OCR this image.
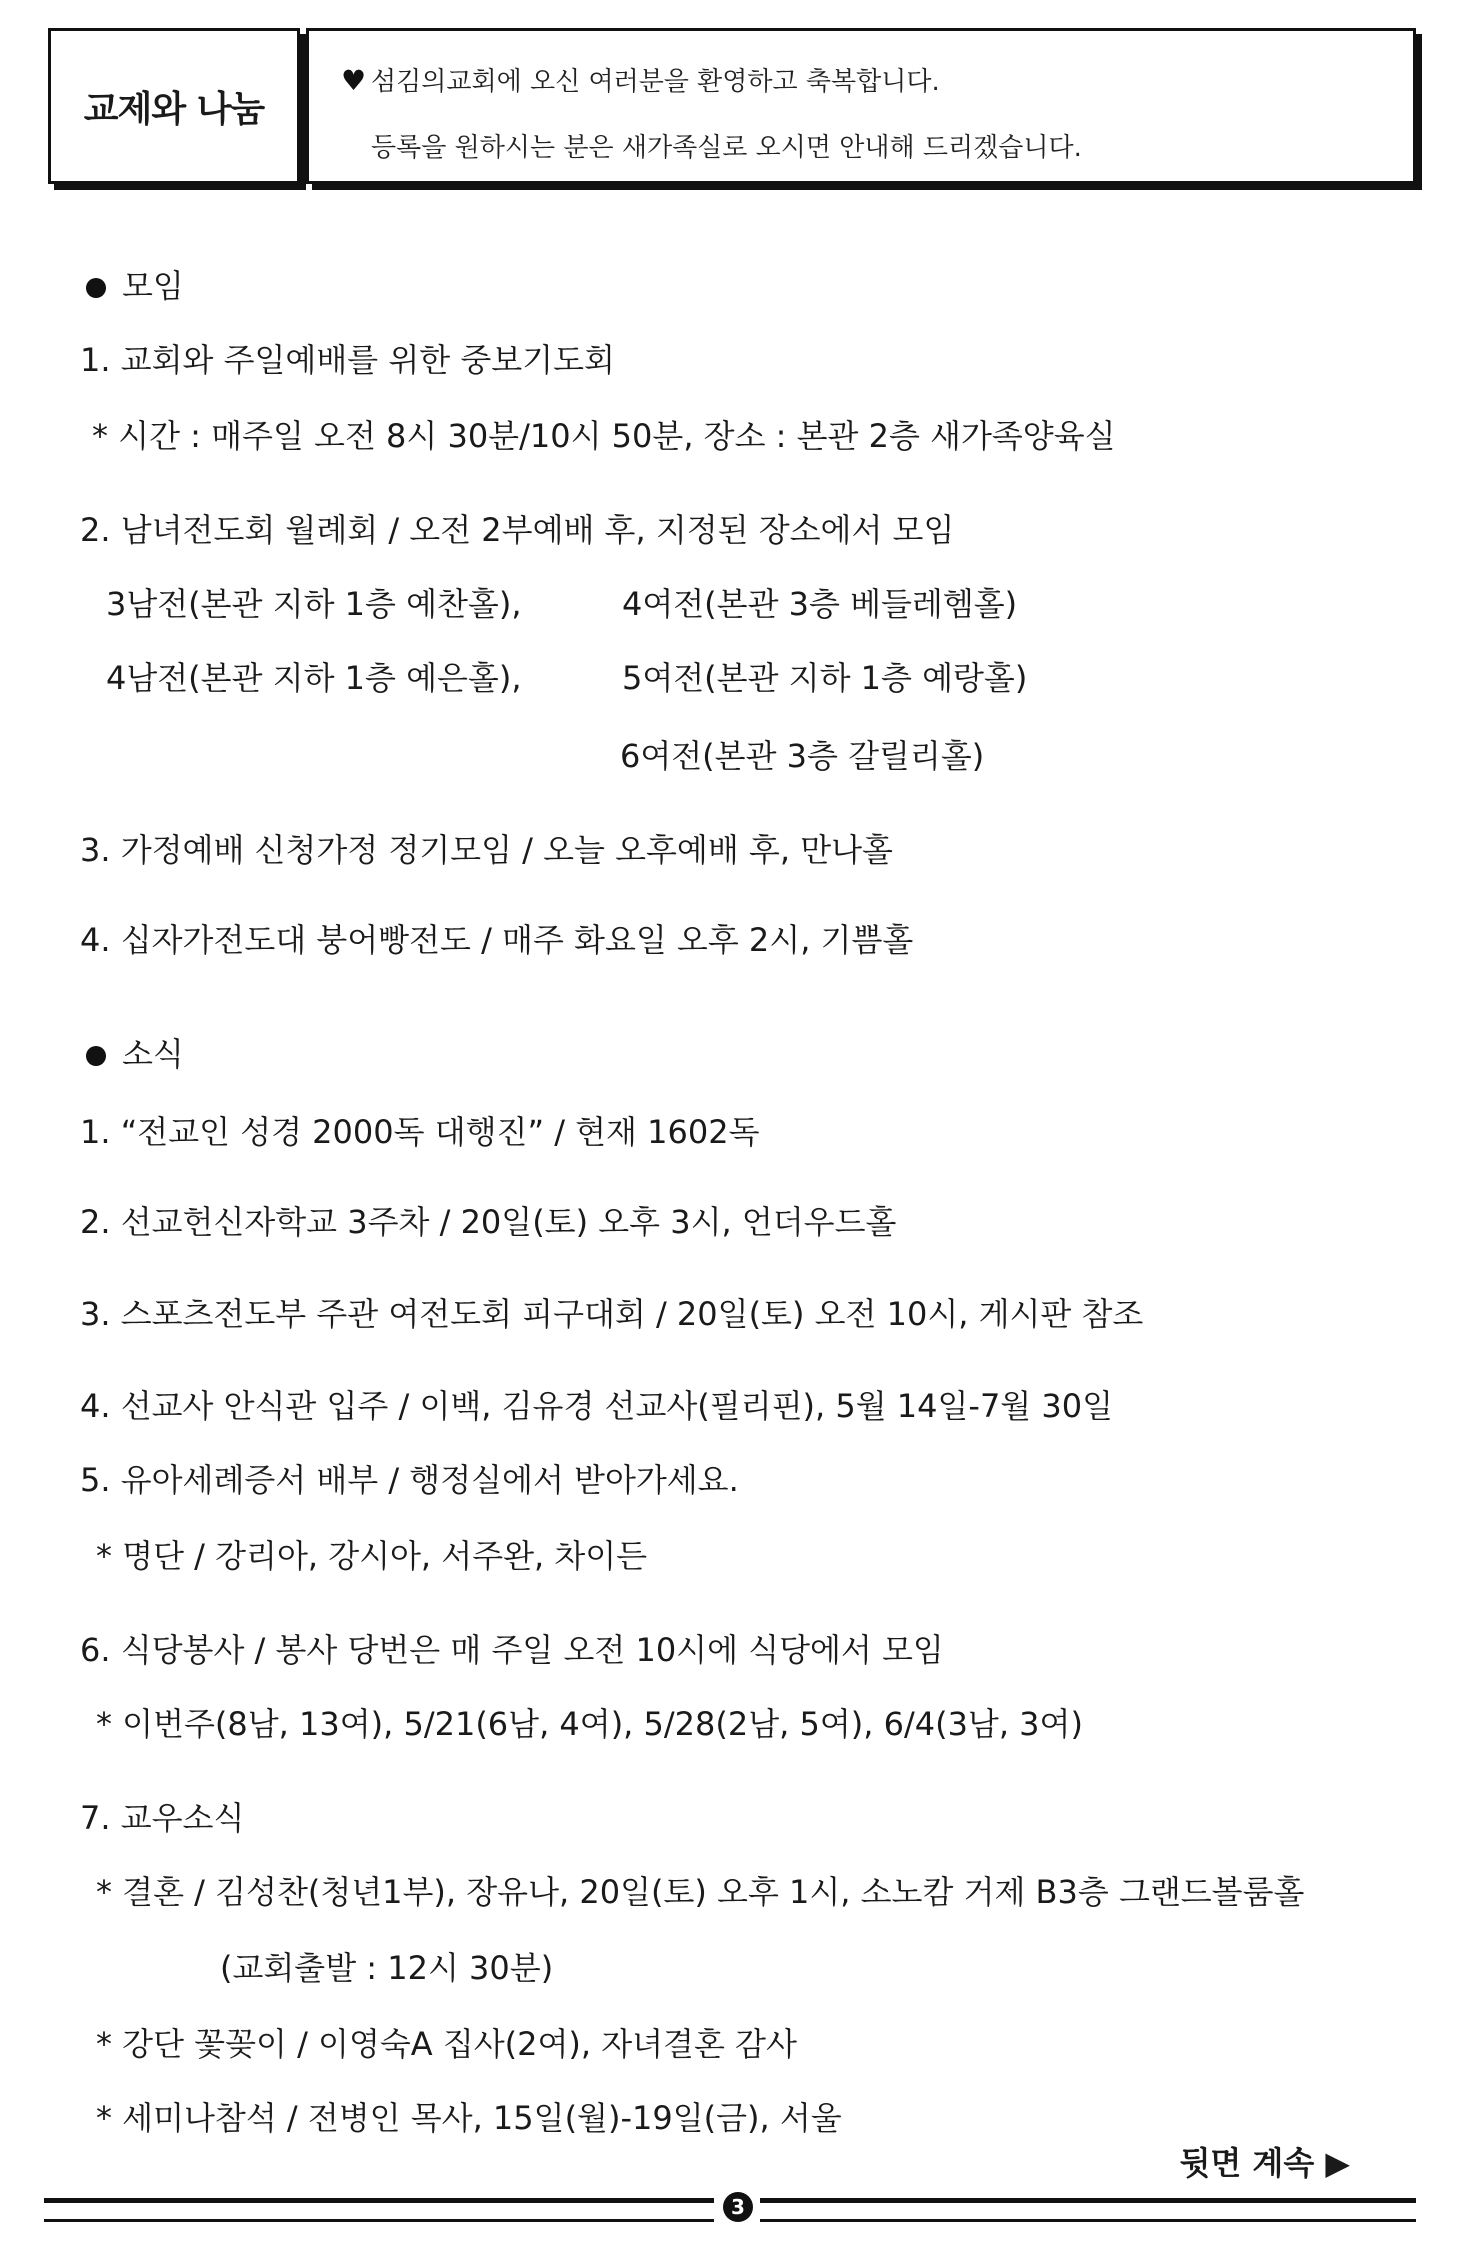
교제와 나눔
♥ 섬김의교회에 오신 여러분을 환영하고 축복합니다.
등록을 원하시는 분은 새가족실로 오시면 안내해 드리겠습니다.
모임
1. 교회와 주일예배를 위한 중보기도회
* 시간 : 매주일 오전 8시 30분/10시 50분, 장소 : 본관 2층 새가족양육실
2. 남녀전도회 월례회 / 오전 2부예배 후, 지정된 장소에서 모임
3남전(본관 지하 1층 예찬홀),	4여전(본관 3층 베들레헴홀)
4남전(본관 지하 1층 예은홀),	5여전(본관 지하 1층 예랑홀)
6여전(본관 3층 갈릴리홀)
3. 가정예배 신청가정 정기모임 / 오늘 오후예배 후, 만나홀
4. 십자가전도대 붕어빵전도 / 매주 화요일 오후 2시, 기쁨홀
소식
1. “전교인 성경 2000독 대행진” / 현재 1602독
2. 선교헌신자학교 3주차 / 20일(토) 오후 3시, 언더우드홀
3. 스포츠전도부 주관 여전도회 피구대회 / 20일(토) 오전 10시, 게시판 참조
4. 선교사 안식관 입주 / 이백, 김유경 선교사(필리핀), 5월 14일-7월 30일
5. 유아세례증서 배부 / 행정실에서 받아가세요.
* 명단 / 강리아, 강시아, 서주완, 차이든
6. 식당봉사 / 봉사 당번은 매 주일 오전 10시에 식당에서 모임
* 이번주(8남, 13여), 5/21(6남, 4여), 5/28(2남, 5여), 6/4(3남, 3여)
7. 교우소식
* 결혼 / 김성찬(청년1부), 장유나, 20일(토) 오후 1시, 소노캄 거제 B3층 그랜드볼룸홀
(교회출발 : 12시 30분)
* 강단 꽃꽂이 / 이영숙A 집사(2여), 자녀결혼 감사
* 세미나참석 / 전병인 목사, 15일(월)-19일(금), 서울
뒷면 계속 ▶
3
